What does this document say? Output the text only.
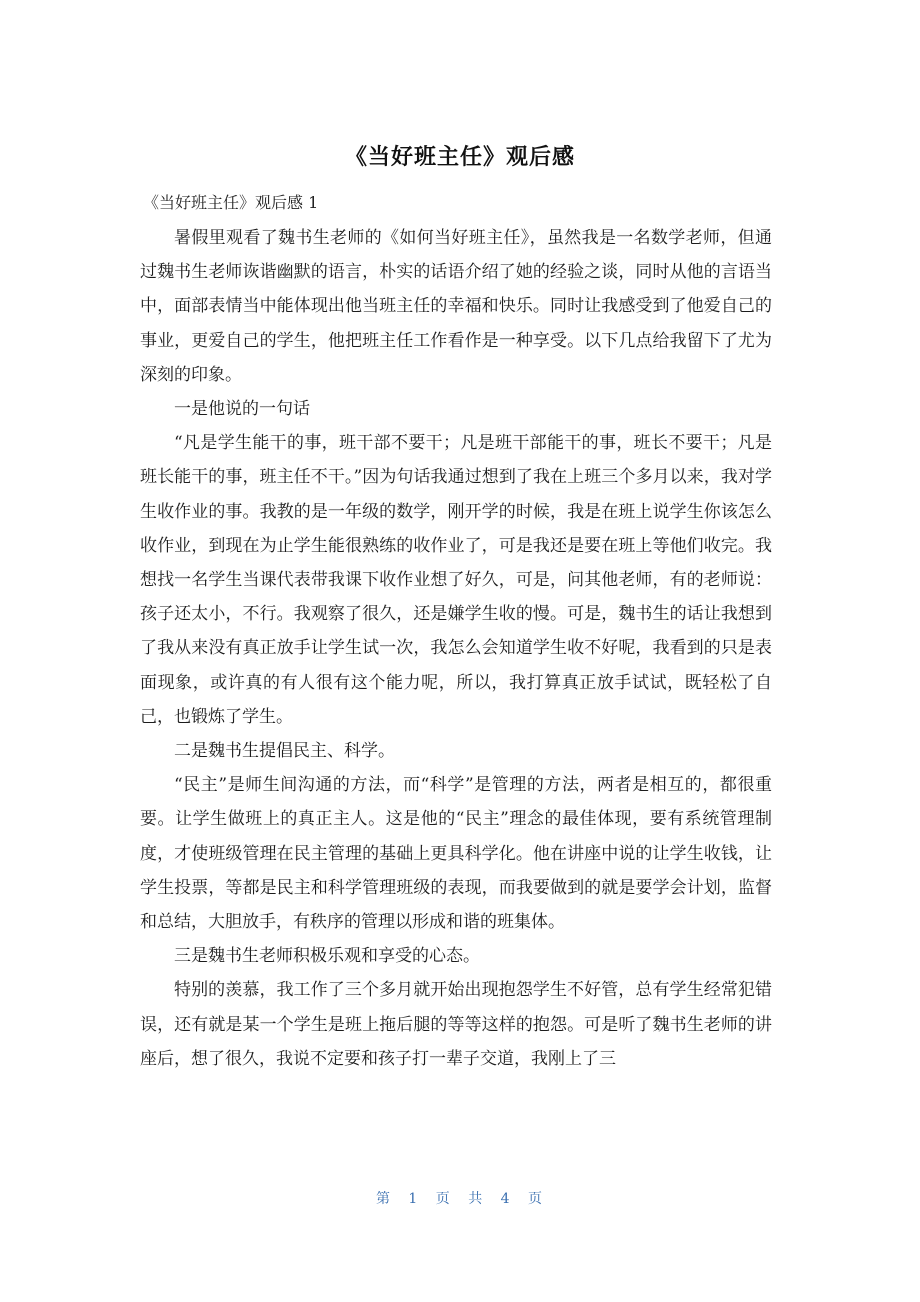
《当好班主任》观后感
《当好班主任》观后感 1

暑假里观看了魏书生老师的《如何当好班主任》，虽然我是一名数学老师，但通过魏书生老师诙谐幽默的语言，朴实的话语介绍了她的经验之谈，同时从他的言语当中，面部表情当中能体现出他当班主任的幸福和快乐。同时让我感受到了他爱自己的事业，更爱自己的学生，他把班主任工作看作是一种享受。以下几点给我留下了尤为深刻的印象。

一是他说的一句话

“凡是学生能干的事，班干部不要干；凡是班干部能干的事，班长不要干；凡是班长能干的事，班主任不干。”因为句话我通过想到了我在上班三个多月以来，我对学生收作业的事。我教的是一年级的数学，刚开学的时候，我是在班上说学生你该怎么收作业，到现在为止学生能很熟练的收作业了，可是我还是要在班上等他们收完。我想找一名学生当课代表带我课下收作业想了好久，可是，问其他老师，有的老师说：孩子还太小，不行。我观察了很久，还是嫌学生收的慢。可是，魏书生的话让我想到了我从来没有真正放手让学生试一次，我怎么会知道学生收不好呢，我看到的只是表面现象，或许真的有人很有这个能力呢，所以，我打算真正放手试试，既轻松了自己，也锻炼了学生。

二是魏书生提倡民主、科学。

“民主”是师生间沟通的方法，而“科学”是管理的方法，两者是相互的，都很重要。让学生做班上的真正主人。这是他的“民主”理念的最佳体现，要有系统管理制度，才使班级管理在民主管理的基础上更具科学化。他在讲座中说的让学生收钱，让学生投票，等都是民主和科学管理班级的表现，而我要做到的就是要学会计划，监督和总结，大胆放手，有秩序的管理以形成和谐的班集体。

三是魏书生老师积极乐观和享受的心态。

特别的羡慕，我工作了三个多月就开始出现抱怨学生不好管，总有学生经常犯错误，还有就是某一个学生是班上拖后腿的等等这样的抱怨。可是听了魏书生老师的讲座后，想了很久，我说不定要和孩子打一辈子交道，我刚上了三

第 1 页 共 4 页
